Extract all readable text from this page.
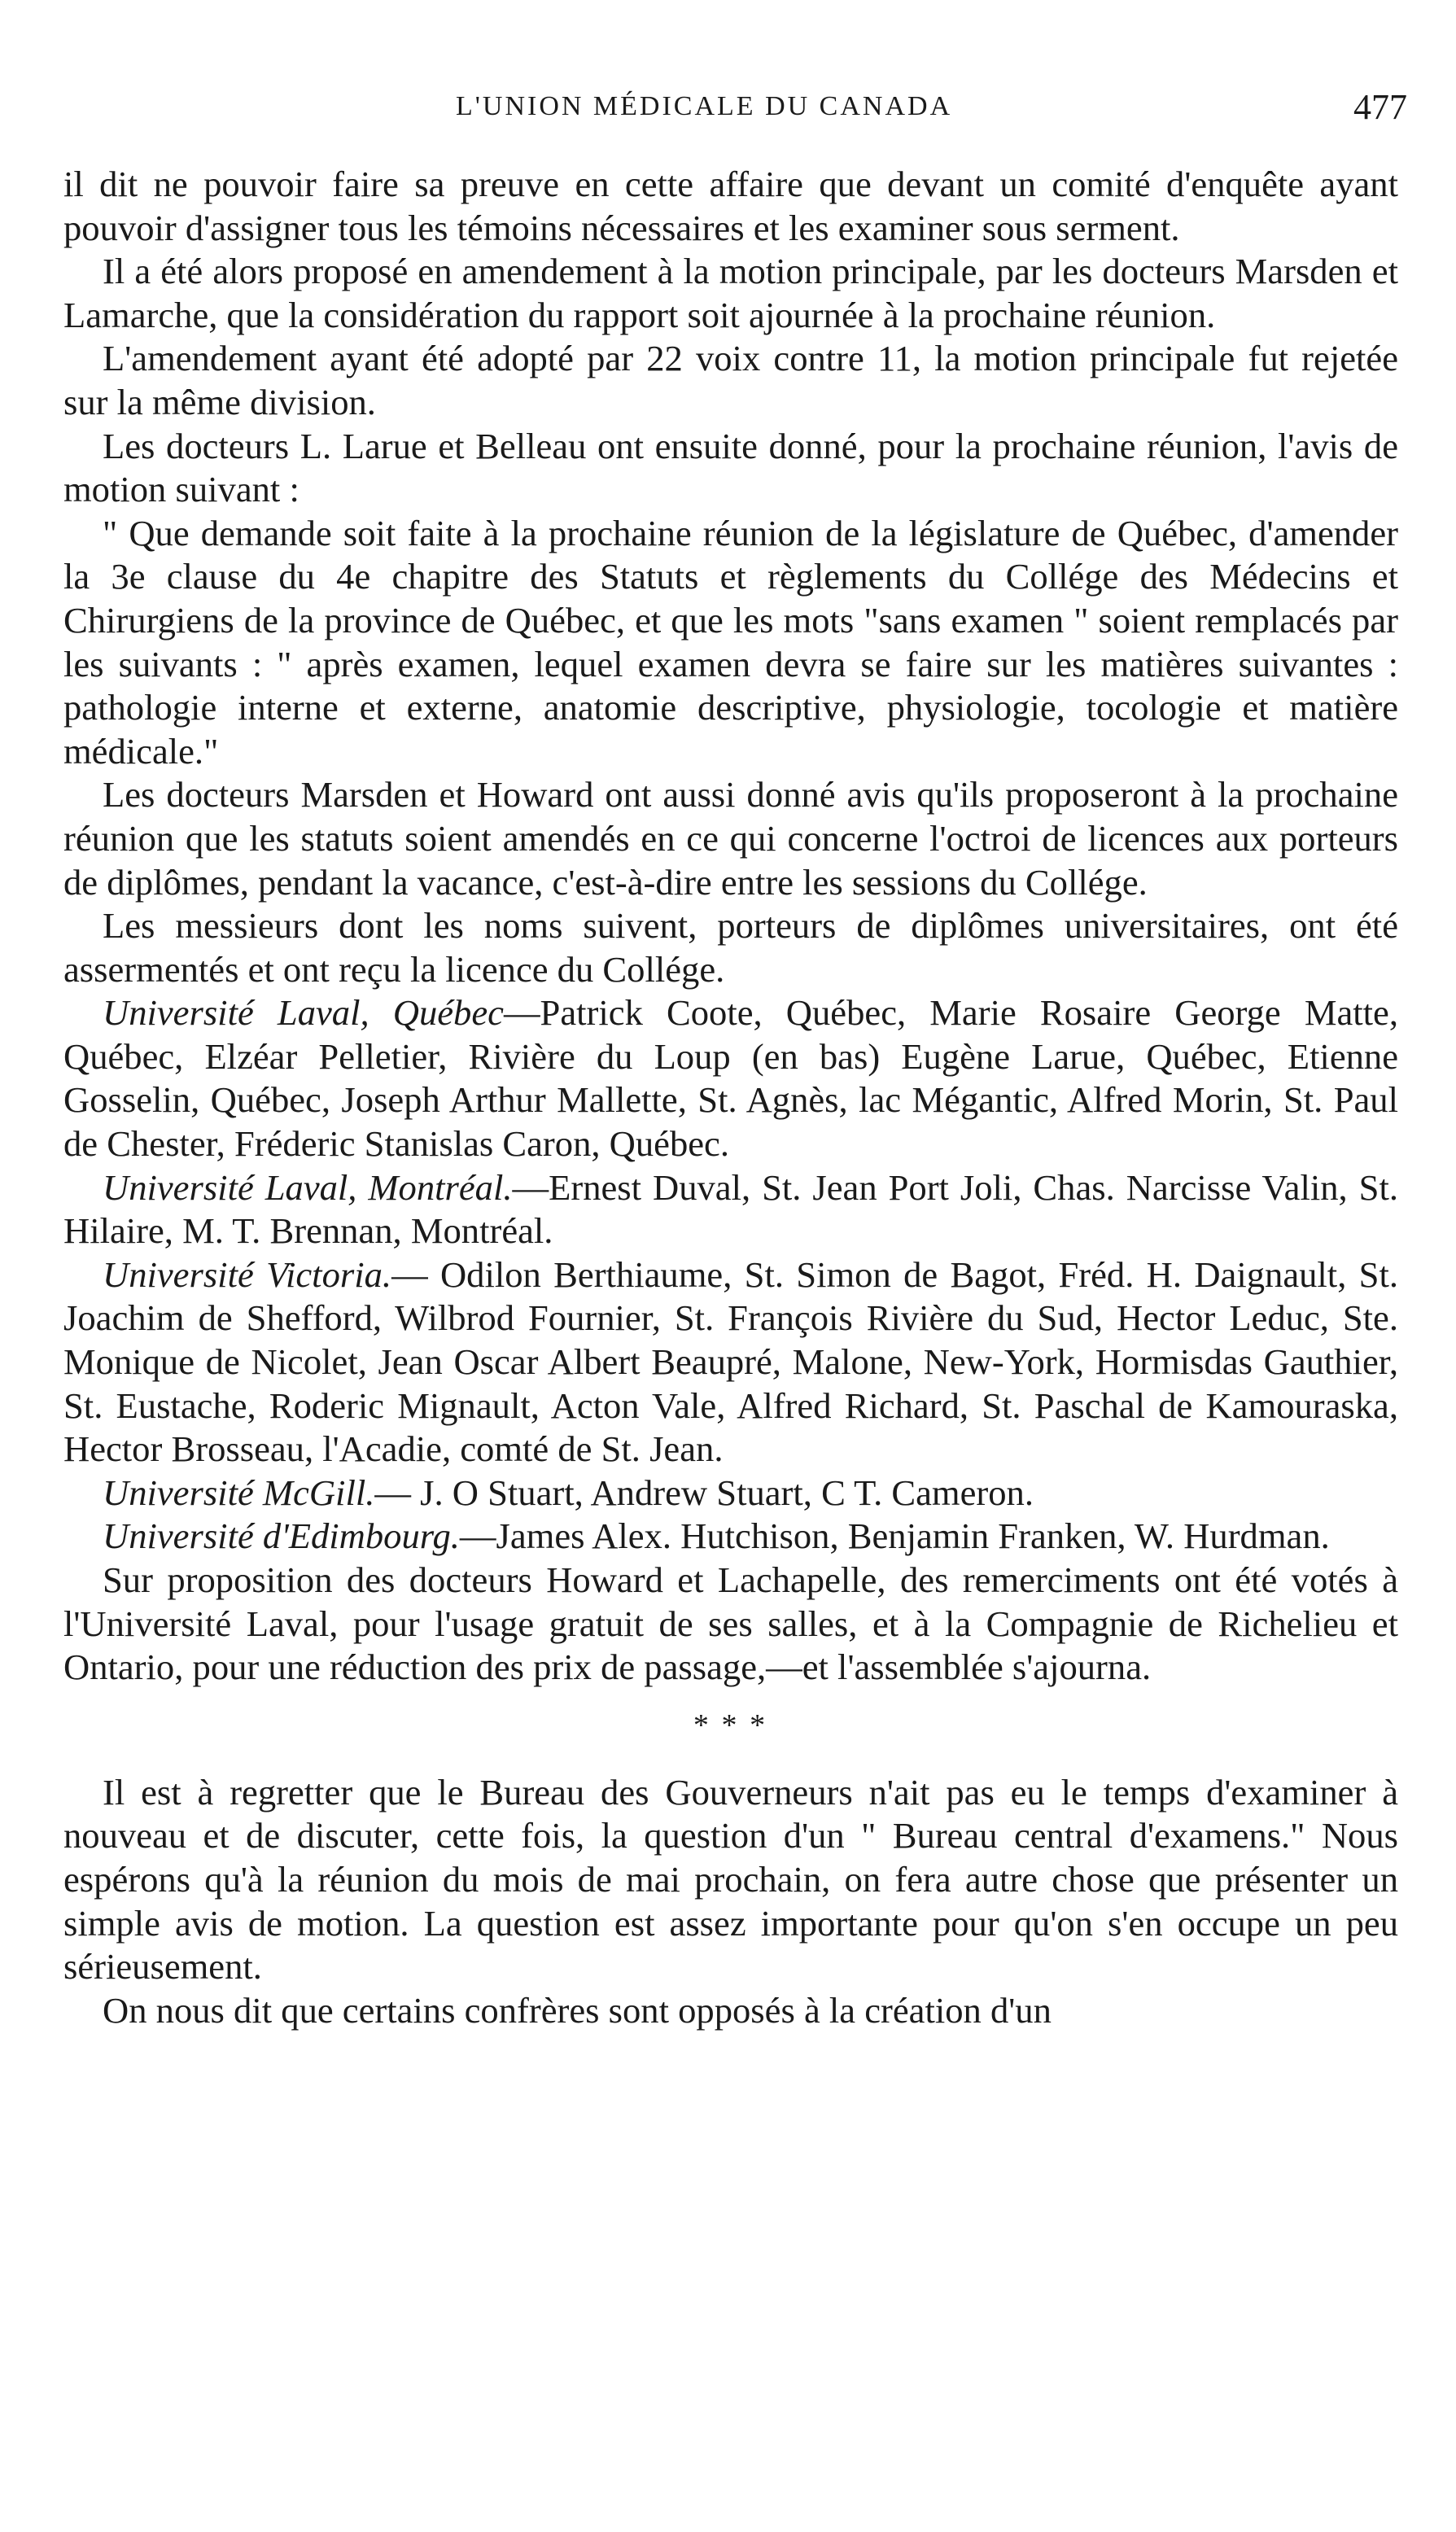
L'UNION MÉDICALE DU CANADA	477

il dit ne pouvoir faire sa preuve en cette affaire que devant un comité d'enquête ayant pouvoir d'assigner tous les témoins nécessaires et les examiner sous serment.

Il a été alors proposé en amendement à la motion principale, par les docteurs Marsden et Lamarche, que la considération du rapport soit ajournée à la prochaine réunion.

L'amendement ayant été adopté par 22 voix contre 11, la motion principale fut rejetée sur la même division.

Les docteurs L. Larue et Belleau ont ensuite donné, pour la prochaine réunion, l'avis de motion suivant :

" Que demande soit faite à la prochaine réunion de la législature de Québec, d'amender la 3e clause du 4e chapitre des Statuts et règlements du Collége des Médecins et Chirurgiens de la province de Québec, et que les mots "sans examen " soient remplacés par les suivants : " après examen, lequel examen devra se faire sur les matières suivantes : pathologie interne et externe, anatomie descriptive, physiologie, tocologie et matière médicale."

Les docteurs Marsden et Howard ont aussi donné avis qu'ils proposeront à la prochaine réunion que les statuts soient amendés en ce qui concerne l'octroi de licences aux porteurs de diplômes, pendant la vacance, c'est-à-dire entre les sessions du Collége.

Les messieurs dont les noms suivent, porteurs de diplômes universitaires, ont été assermentés et ont reçu la licence du Collége.

Université Laval, Québec—Patrick Coote, Québec, Marie Rosaire George Matte, Québec, Elzéar Pelletier, Rivière du Loup (en bas) Eugène Larue, Québec, Etienne Gosselin, Québec, Joseph Arthur Mallette, St. Agnès, lac Mégantic, Alfred Morin, St. Paul de Chester, Fréderic Stanislas Caron, Québec.

Université Laval, Montréal.—Ernest Duval, St. Jean Port Joli, Chas. Narcisse Valin, St. Hilaire, M. T. Brennan, Montréal.

Université Victoria.— Odilon Berthiaume, St. Simon de Bagot, Fréd. H. Daignault, St. Joachim de Shefford, Wilbrod Fournier, St. François Rivière du Sud, Hector Leduc, Ste. Monique de Nicolet, Jean Oscar Albert Beaupré, Malone, New-York, Hormisdas Gauthier, St. Eustache, Roderic Mignault, Acton Vale, Alfred Richard, St. Paschal de Kamouraska, Hector Brosseau, l'Acadie, comté de St. Jean.

Université McGill.— J. O Stuart, Andrew Stuart, C T. Cameron.

Université d'Edimbourg.—James Alex. Hutchison, Benjamin Franken, W. Hurdman.

Sur proposition des docteurs Howard et Lachapelle, des remerciments ont été votés à l'Université Laval, pour l'usage gratuit de ses salles, et à la Compagnie de Richelieu et Ontario, pour une réduction des prix de passage,—et l'assemblée s'ajourna.

* * *

Il est à regretter que le Bureau des Gouverneurs n'ait pas eu le temps d'examiner à nouveau et de discuter, cette fois, la question d'un " Bureau central d'examens." Nous espérons qu'à la réunion du mois de mai prochain, on fera autre chose que présenter un simple avis de motion. La question est assez importante pour qu'on s'en occupe un peu sérieusement.

On nous dit que certains confrères sont opposés à la création d'un
